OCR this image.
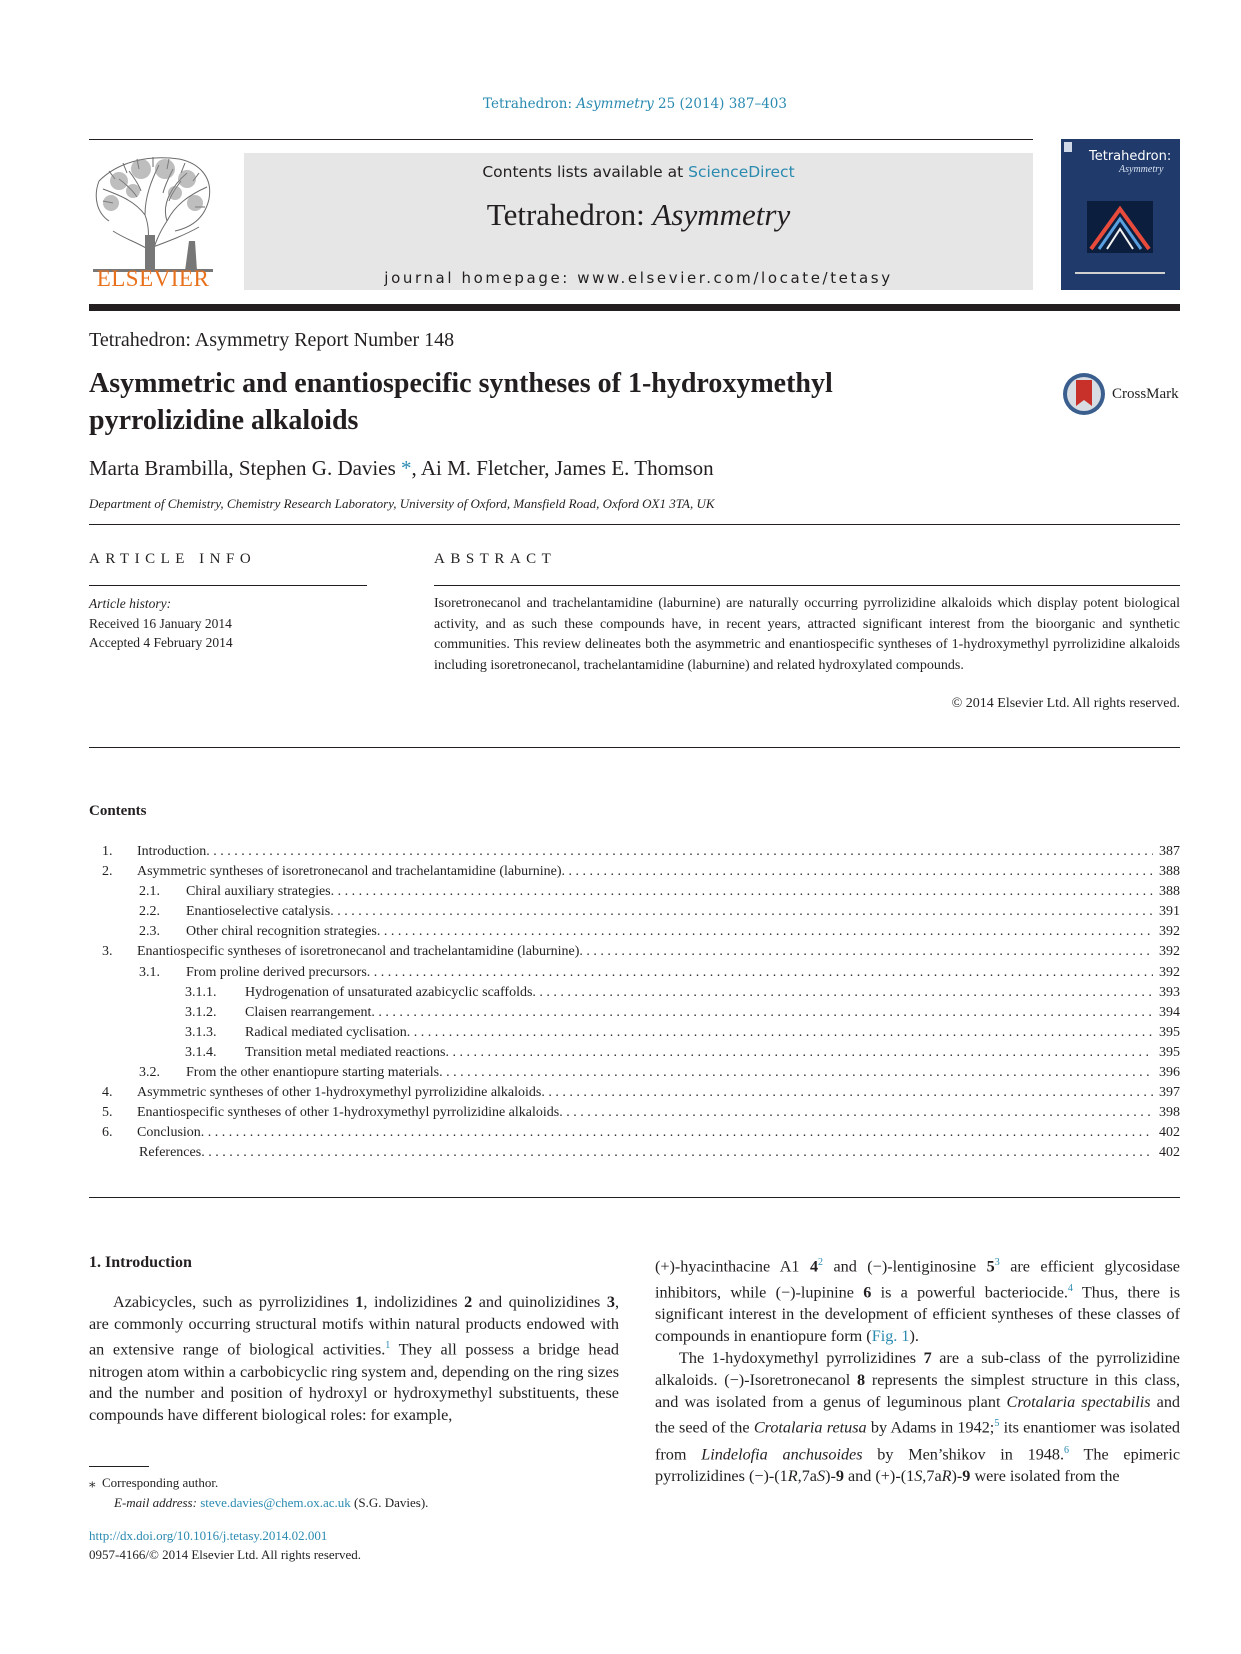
Tetrahedron: Asymmetry 25 (2014) 387–403
ELSEVIER
Contents lists available at ScienceDirect
Tetrahedron: Asymmetry
journal homepage: www.elsevier.com/locate/tetasy
Tetrahedron:
Asymmetry
Tetrahedron: Asymmetry Report Number 148
Asymmetric and enantiospecific syntheses of 1-hydroxymethyl pyrrolizidine alkaloids
CrossMark
Marta Brambilla, Stephen G. Davies *, Ai M. Fletcher, James E. Thomson
Department of Chemistry, Chemistry Research Laboratory, University of Oxford, Mansfield Road, Oxford OX1 3TA, UK
ARTICLE INFO	ABSTRACT
Article history:
Received 16 January 2014
Accepted 4 February 2014
Isoretronecanol and trachelantamidine (laburnine) are naturally occurring pyrrolizidine alkaloids which display potent biological activity, and as such these compounds have, in recent years, attracted significant interest from the bioorganic and synthetic communities. This review delineates both the asymmetric and enantiospecific syntheses of 1-hydroxymethyl pyrrolizidine alkaloids including isoretronecanol, trachelantamidine (laburnine) and related hydroxylated compounds.
© 2014 Elsevier Ltd. All rights reserved.
Contents
1.	Introduction . . .	387
2.	Asymmetric syntheses of isoretronecanol and trachelantamidine (laburnine) . . .	388
2.1.	Chiral auxiliary strategies . . .	388
2.2.	Enantioselective catalysis . . .	391
2.3.	Other chiral recognition strategies . . .	392
3.	Enantiospecific syntheses of isoretronecanol and trachelantamidine (laburnine) . . .	392
3.1.	From proline derived precursors . . .	392
3.1.1.	Hydrogenation of unsaturated azabicyclic scaffolds . . .	393
3.1.2.	Claisen rearrangement . . .	394
3.1.3.	Radical mediated cyclisation . . .	395
3.1.4.	Transition metal mediated reactions . . .	395
3.2.	From the other enantiopure starting materials . . .	396
4.	Asymmetric syntheses of other 1-hydroxymethyl pyrrolizidine alkaloids . . .	397
5.	Enantiospecific syntheses of other 1-hydroxymethyl pyrrolizidine alkaloids . . .	398
6.	Conclusion . . .	402
References . . .	402
1. Introduction

Azabicycles, such as pyrrolizidines 1, indolizidines 2 and quinolizidines 3, are commonly occurring structural motifs within natural products endowed with an extensive range of biological activities.$^1$ They all possess a bridge head nitrogen atom within a carbobicyclic ring system and, depending on the ring sizes and the number and position of hydroxyl or hydroxymethyl substituents, these compounds have different biological roles: for example,

(+)-hyacinthacine A1 $4^2$ and (−)-lentiginosine $5^3$ are efficient glycosidase inhibitors, while (−)-lupinine 6 is a powerful bacteriocide.$^4$ Thus, there is significant interest in the development of efficient syntheses of these classes of compounds in enantiopure form (Fig. 1).

The 1-hydoxymethyl pyrrolizidines 7 are a sub-class of the pyrrolizidine alkaloids. (−)-Isoretronecanol 8 represents the simplest structure in this class, and was isolated from a genus of leguminous plant Crotalaria spectabilis and the seed of the Crotalaria retusa by Adams in 1942;$^5$ its enantiomer was isolated from Lindelofia anchusoides by Men’shikov in 1948.$^6$ The epimeric pyrrolizidines (−)-(1R,7aS)-9 and (+)-(1S,7aR)-9 were isolated from the

⁎ Corresponding author.
E-mail address: steve.davies@chem.ox.ac.uk (S.G. Davies).
http://dx.doi.org/10.1016/j.tetasy.2014.02.001
0957-4166/© 2014 Elsevier Ltd. All rights reserved.
